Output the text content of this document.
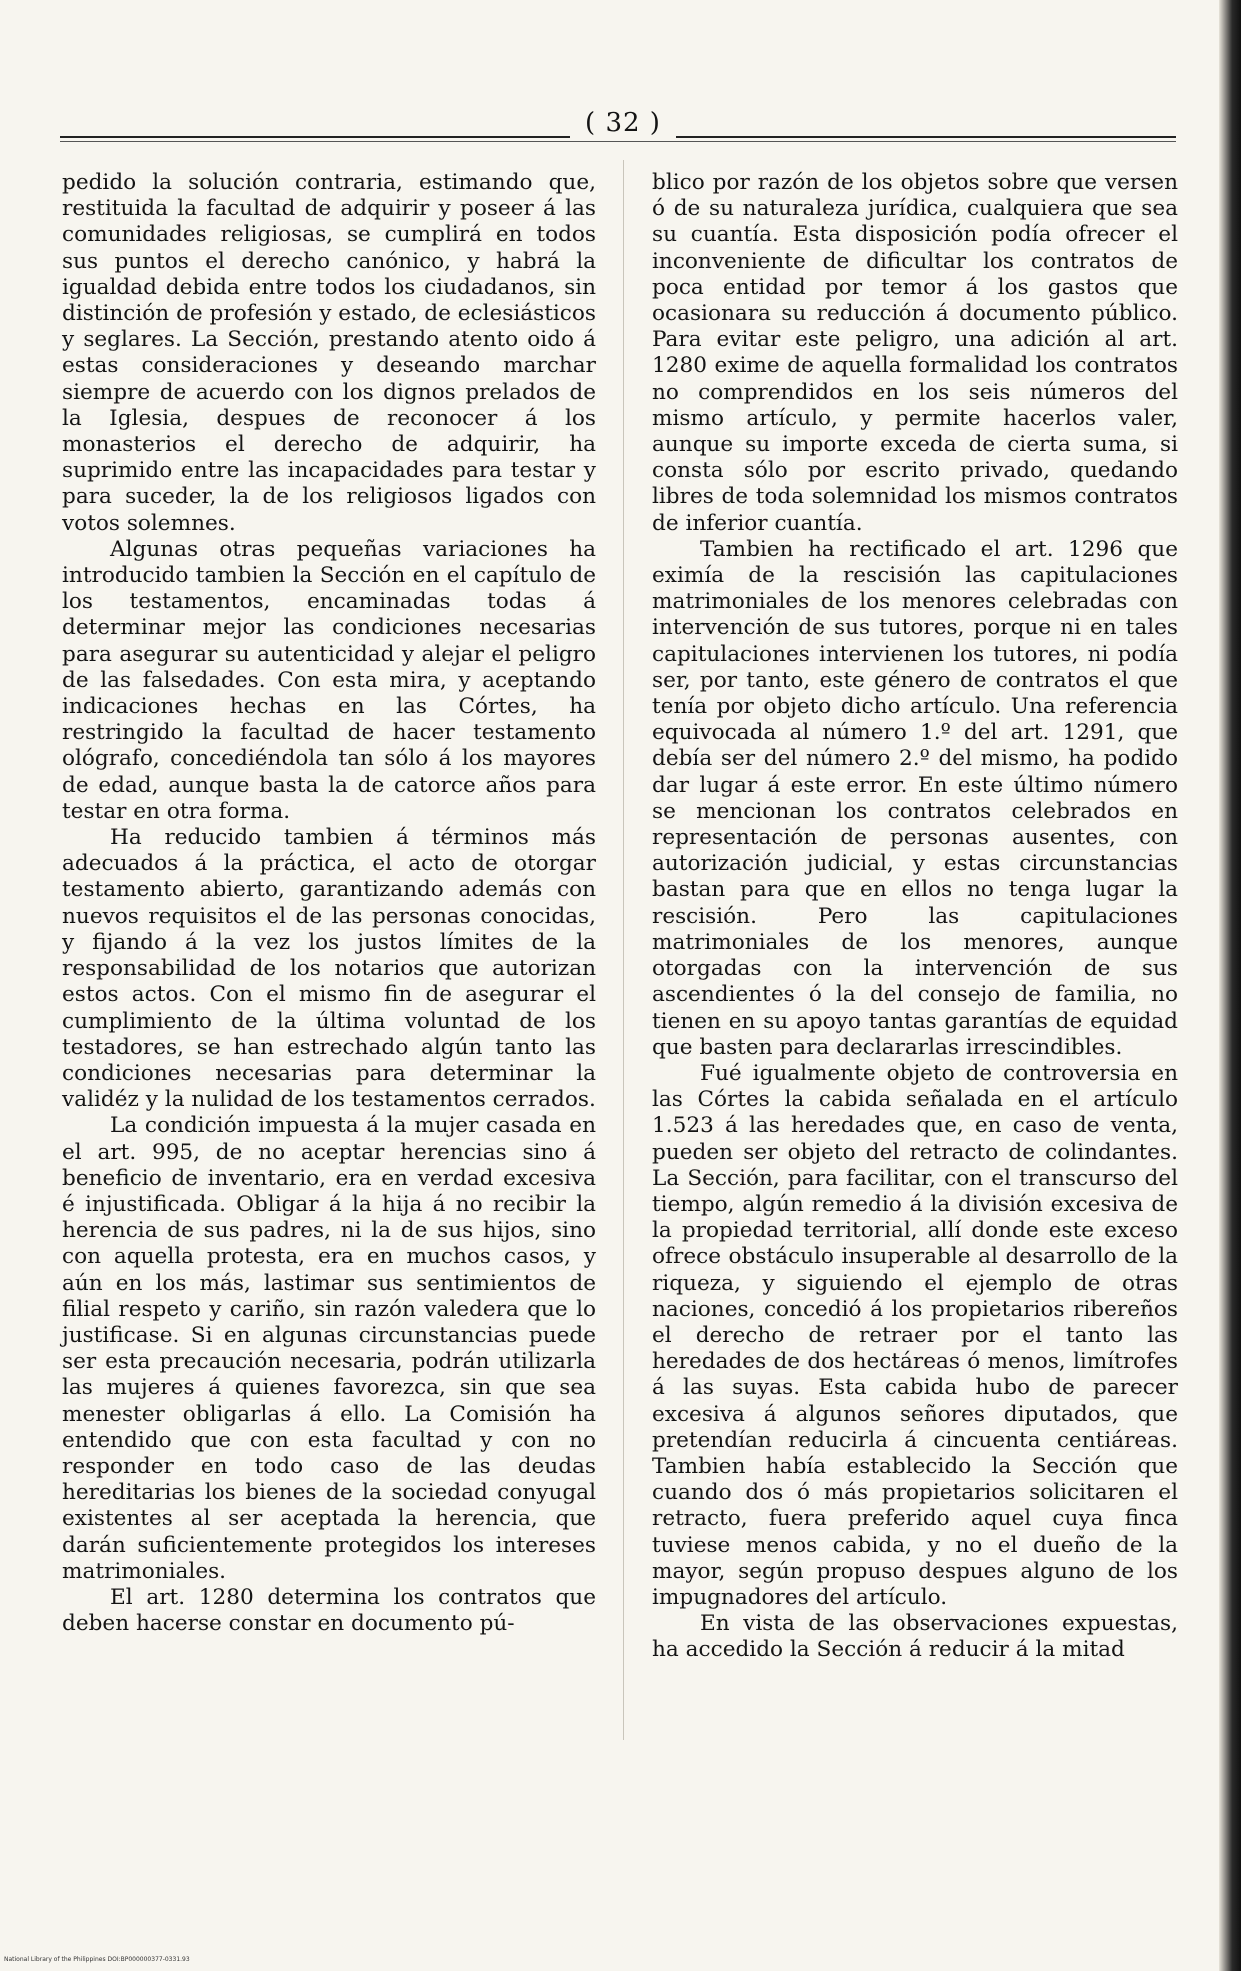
( 32 )

pedido la solución contraria, estimando que, restituida la facultad de adquirir y poseer á las comunidades religiosas, se cumplirá en todos sus puntos el derecho canónico, y habrá la igualdad debida entre todos los ciudadanos, sin distinción de profesión y estado, de eclesiásticos y seglares. La Sección, prestando atento oido á estas consideraciones y deseando marchar siempre de acuerdo con los dignos prelados de la Iglesia, despues de reconocer á los monasterios el derecho de adquirir, ha suprimido entre las incapacidades para testar y para suceder, la de los religiosos ligados con votos solemnes.

Algunas otras pequeñas variaciones ha introducido tambien la Sección en el capítulo de los testamentos, encaminadas todas á determinar mejor las condiciones necesarias para asegurar su autenticidad y alejar el peligro de las falsedades. Con esta mira, y aceptando indicaciones hechas en las Córtes, ha restringido la facultad de hacer testamento ológrafo, concediéndola tan sólo á los mayores de edad, aunque basta la de catorce años para testar en otra forma.

Ha reducido tambien á términos más adecuados á la práctica, el acto de otorgar testamento abierto, garantizando además con nuevos requisitos el de las personas conocidas, y fijando á la vez los justos límites de la responsabilidad de los notarios que autorizan estos actos. Con el mismo fin de asegurar el cumplimiento de la última voluntad de los testadores, se han estrechado algún tanto las condiciones necesarias para determinar la validéz y la nulidad de los testamentos cerrados.

La condición impuesta á la mujer casada en el art. 995, de no aceptar herencias sino á beneficio de inventario, era en verdad excesiva é injustificada. Obligar á la hija á no recibir la herencia de sus padres, ni la de sus hijos, sino con aquella protesta, era en muchos casos, y aún en los más, lastimar sus sentimientos de filial respeto y cariño, sin razón valedera que lo justificase. Si en algunas circunstancias puede ser esta precaución necesaria, podrán utilizarla las mujeres á quienes favorezca, sin que sea menester obligarlas á ello. La Comisión ha entendido que con esta facultad y con no responder en todo caso de las deudas hereditarias los bienes de la sociedad conyugal existentes al ser aceptada la herencia, que darán suficientemente protegidos los intereses matrimoniales.

El art. 1280 determina los contratos que deben hacerse constar en documento pú-

blico por razón de los objetos sobre que versen ó de su naturaleza jurídica, cualquiera que sea su cuantía. Esta disposición podía ofrecer el inconveniente de dificultar los contratos de poca entidad por temor á los gastos que ocasionara su reducción á documento público. Para evitar este peligro, una adición al art. 1280 exime de aquella formalidad los contratos no comprendidos en los seis números del mismo artículo, y permite hacerlos valer, aunque su importe exceda de cierta suma, si consta sólo por escrito privado, quedando libres de toda solemnidad los mismos contratos de inferior cuantía.

Tambien ha rectificado el art. 1296 que eximía de la rescisión las capitulaciones matrimoniales de los menores celebradas con intervención de sus tutores, porque ni en tales capitulaciones intervienen los tutores, ni podía ser, por tanto, este género de contratos el que tenía por objeto dicho artículo. Una referencia equivocada al número 1.º del art. 1291, que debía ser del número 2.º del mismo, ha podido dar lugar á este error. En este último número se mencionan los contratos celebrados en representación de personas ausentes, con autorización judicial, y estas circunstancias bastan para que en ellos no tenga lugar la rescisión. Pero las capitulaciones matrimoniales de los menores, aunque otorgadas con la intervención de sus ascendientes ó la del consejo de familia, no tienen en su apoyo tantas garantías de equidad que basten para declararlas irrescindibles.

Fué igualmente objeto de controversia en las Córtes la cabida señalada en el artículo 1.523 á las heredades que, en caso de venta, pueden ser objeto del retracto de colindantes. La Sección, para facilitar, con el transcurso del tiempo, algún remedio á la división excesiva de la propiedad territorial, allí donde este exceso ofrece obstáculo insuperable al desarrollo de la riqueza, y siguiendo el ejemplo de otras naciones, concedió á los propietarios ribereños el derecho de retraer por el tanto las heredades de dos hectáreas ó menos, limítrofes á las suyas. Esta cabida hubo de parecer excesiva á algunos señores diputados, que pretendían reducirla á cincuenta centiáreas. Tambien había establecido la Sección que cuando dos ó más propietarios solicitaren el retracto, fuera preferido aquel cuya finca tuviese menos cabida, y no el dueño de la mayor, según propuso despues alguno de los impugnadores del artículo.

En vista de las observaciones expuestas, ha accedido la Sección á reducir á la mitad

National Library of the Philippines DOI:BP000000377-0331.93
